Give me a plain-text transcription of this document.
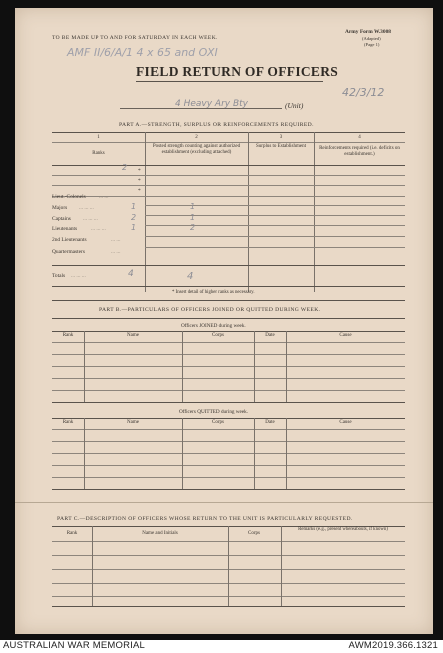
TO BE MADE UP TO AND FOR SATURDAY IN EACH WEEK.
Army Form W.3008
(Adapted)
(Page 1)
AMF II/6/A/1 4 x 65 and OXI
FIELD RETURN OF OFFICERS
42/3/12
4 Heavy Ary Bty	(Unit)
PART A.—STRENGTH, SURPLUS OR REINFORCEMENTS REQUIRED.
1	2	3	4
Ranks
Posted strength counting against authorized establishment (excluding attached)
Surplus to Establishment	Reinforcements required (i.e. deficits on establishment.)
2 *
*
*
Lieut.-Colonels ... ...
Majors ... ... ...	1	1
Captains ... ... ...	2	1
Lieutenants	... ... ...	1	2
2nd Lieutenants	... ...
Quartermasters	... ...
Totals ... ... ...	4	4
* Insert detail of higher ranks as necessary.
PART B.—PARTICULARS OF OFFICERS JOINED OR QUITTED DURING WEEK.
Officers JOINED during week.
Rank	Name	Corps	Date	Cause
Officers QUITTED during week.
Rank	Name	Corps	Date	Cause
PART C.—DESCRIPTION OF OFFICERS WHOSE RETURN TO THE UNIT IS PARTICULARLY REQUESTED.
Rank	Name and Initials	Corps
Remarks (e.g., present whereabouts, if known)
AUSTRALIAN WAR MEMORIAL	AWM2019.366.1321
